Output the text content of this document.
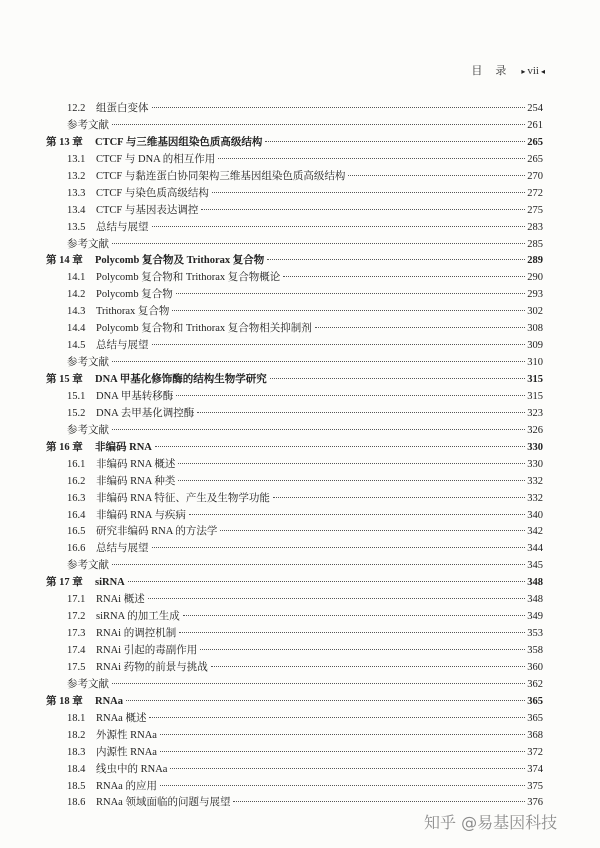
目　录 ▸ vii
◂
12.2	组蛋白变体	254
参考文献	261
第 13 章	CTCF 与三维基因组染色质高级结构	265
13.1	CTCF 与 DNA 的相互作用	265
13.2	CTCF 与黏连蛋白协同架构三维基因组染色质高级结构	270
13.3	CTCF 与染色质高级结构	272
13.4	CTCF 与基因表达调控	275
13.5	总结与展望	283
参考文献	285
第 14 章	Polycomb 复合物及 Trithorax 复合物	289
14.1	Polycomb 复合物和 Trithorax 复合物概论	290
14.2	Polycomb 复合物	293
14.3	Trithorax 复合物	302
14.4	Polycomb 复合物和 Trithorax 复合物相关抑制剂	308
14.5	总结与展望	309
参考文献	310
第 15 章	DNA 甲基化修饰酶的结构生物学研究	315
15.1	DNA 甲基转移酶	315
15.2	DNA 去甲基化调控酶	323
参考文献	326
第 16 章	非编码 RNA	330
16.1	非编码 RNA 概述	330
16.2	非编码 RNA 种类	332
16.3	非编码 RNA 特征、产生及生物学功能	332
16.4	非编码 RNA 与疾病	340
16.5	研究非编码 RNA 的方法学	342
16.6	总结与展望	344
参考文献	345
第 17 章	siRNA	348
17.1	RNAi 概述	348
17.2	siRNA 的加工生成	349
17.3	RNAi 的调控机制	353
17.4	RNAi 引起的毒副作用	358
17.5	RNAi 药物的前景与挑战	360
参考文献	362
第 18 章	RNAa	365
18.1	RNAa 概述	365
18.2	外源性 RNAa	368
18.3	内源性 RNAa	372
18.4	线虫中的 RNAa	374
18.5	RNAa 的应用	375
18.6	RNAa 领域面临的问题与展望	376
知乎 @易基因科技
